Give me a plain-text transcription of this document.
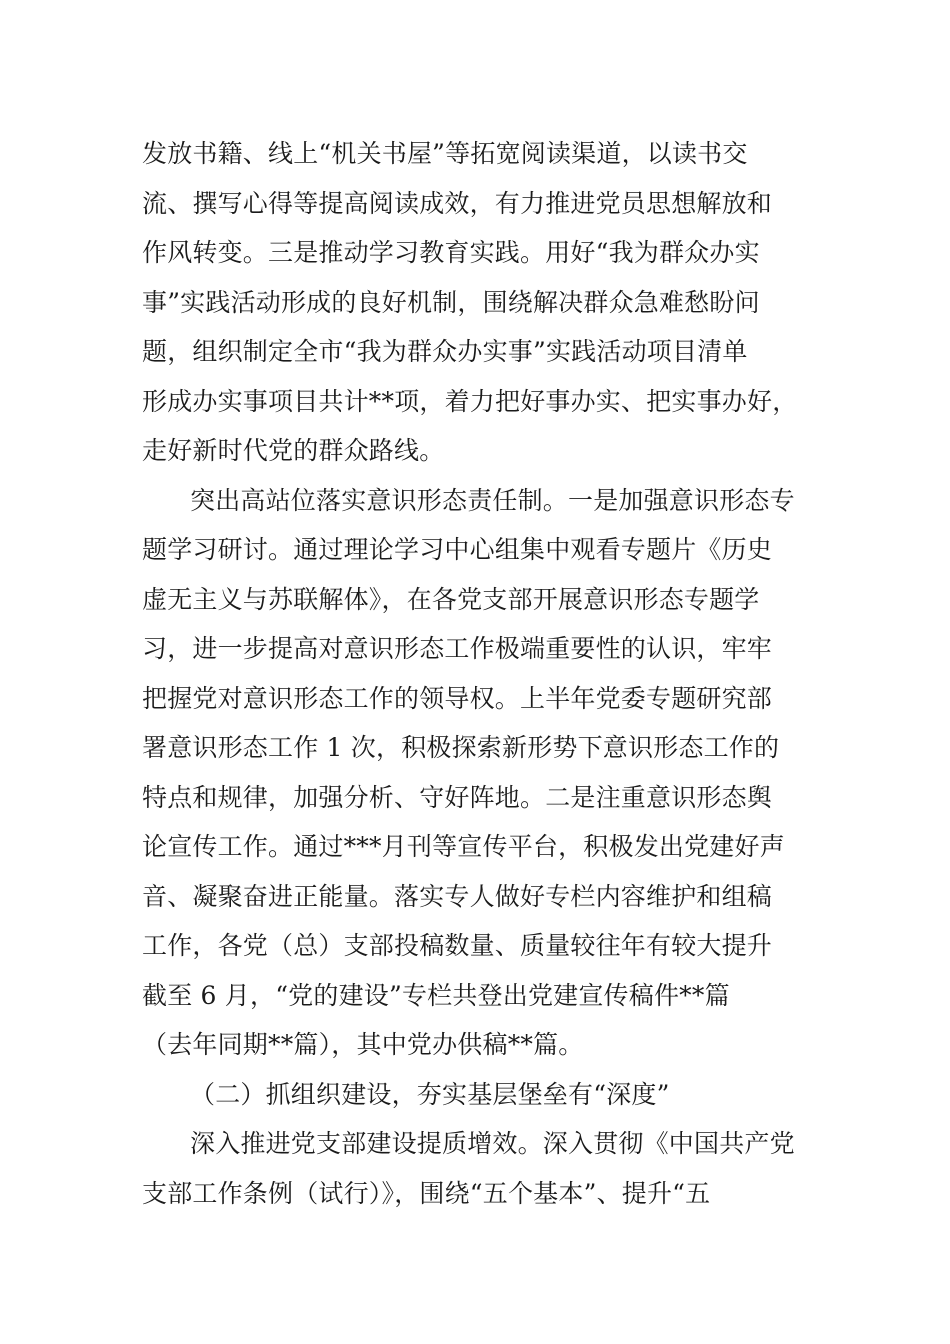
发放书籍、线上“机关书屋”等拓宽阅读渠道，以读书交
流、撰写心得等提高阅读成效，有力推进党员思想解放和
作风转变。三是推动学习教育实践。用好“我为群众办实
事”实践活动形成的良好机制，围绕解决群众急难愁盼问
题，组织制定全市“我为群众办实事”实践活动项目清单
形成办实事项目共计**项，着力把好事办实、把实事办好，
走好新时代党的群众路线。
突出高站位落实意识形态责任制。一是加强意识形态专
题学习研讨。通过理论学习中心组集中观看专题片《历史
虚无主义与苏联解体》，在各党支部开展意识形态专题学
习，进一步提高对意识形态工作极端重要性的认识，牢牢
把握党对意识形态工作的领导权。上半年党委专题研究部
署意识形态工作 1 次，积极探索新形势下意识形态工作的
特点和规律，加强分析、守好阵地。二是注重意识形态舆
论宣传工作。通过***月刊等宣传平台，积极发出党建好声
音、凝聚奋进正能量。落实专人做好专栏内容维护和组稿
工作，各党（总）支部投稿数量、质量较往年有较大提升
截至 6 月，“党的建设”专栏共登出党建宣传稿件**篇
（去年同期**篇），其中党办供稿**篇。
（二）抓组织建设，夯实基层堡垒有“深度”
深入推进党支部建设提质增效。深入贯彻《中国共产党
支部工作条例（试行）》，围绕“五个基本”、提升“五
